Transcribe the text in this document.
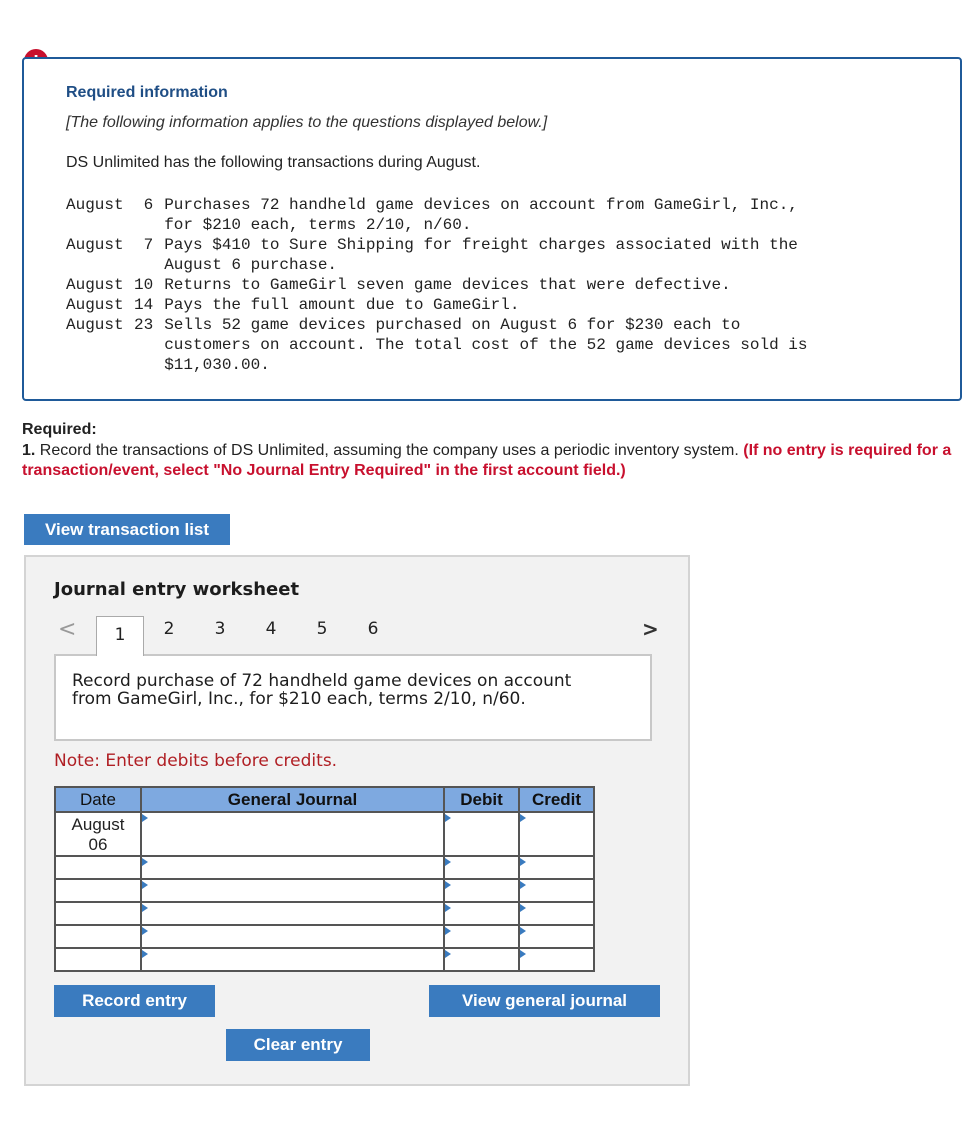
Required information
[The following information applies to the questions displayed below.]
DS Unlimited has the following transactions during August.
August	6	Purchases 72 handheld game devices on account from GameGirl, Inc.,
		for $210 each, terms 2/10, n/60.
August	7	Pays $410 to Sure Shipping for freight charges associated with the
		August 6 purchase.
August	10	Returns to GameGirl seven game devices that were defective.
August	14	Pays the full amount due to GameGirl.
August	23	Sells 52 game devices purchased on August 6 for $230 each to
		customers on account. The total cost of the 52 game devices sold is
		$11,030.00.
Required:
1. Record the transactions of DS Unlimited, assuming the company uses a periodic inventory system. (If no entry is required for a transaction/event, select "No Journal Entry Required" in the first account field.)
View transaction list
Journal entry worksheet
<	1	2	3	4	5	6	>
Record purchase of 72 handheld game devices on account from GameGirl, Inc., for $210 each, terms 2/10, n/60.
Note: Enter debits before credits.
Date	General Journal	Debit	Credit

August
06			

Record entry	View general journal
Clear entry
